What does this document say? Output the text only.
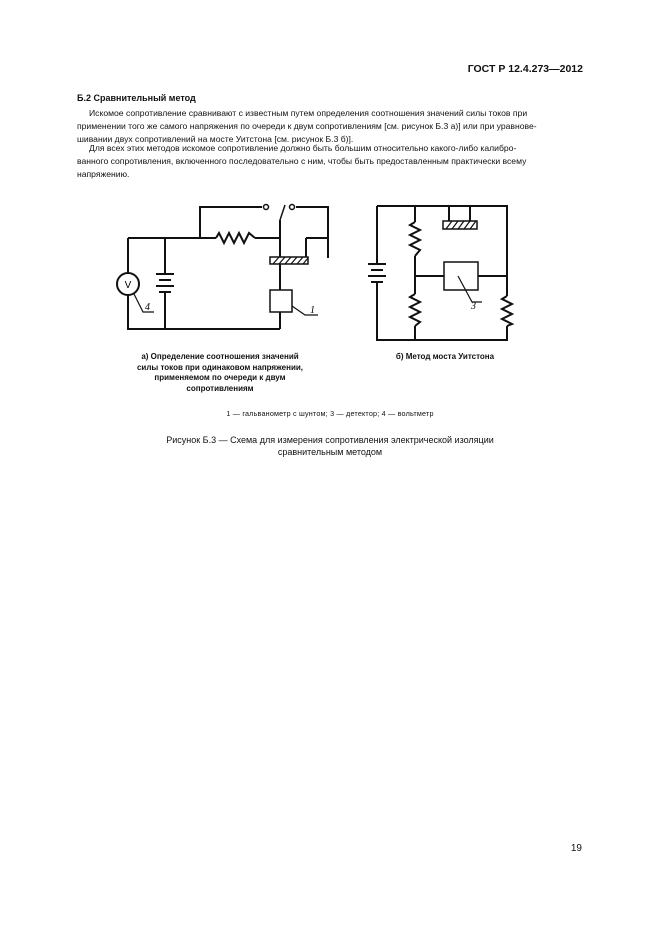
ГОСТ Р 12.4.273—2012
Б.2 Сравнительный метод
Искомое сопротивление сравнивают с известным путем определения соотношения значений силы токов при
применении того же самого напряжения по очереди к двум сопротивлениям [см. рисунок Б.3 а)] или при уравнове-
шивании двух сопротивлений на мосте Уитстона [см. рисунок Б.3 б)].
Для всех этих методов искомое сопротивление должно быть большим относительно какого-либо калибро-
ванного сопротивления, включенного последовательно с ним, чтобы быть предоставленным практически всему
напряжению.
V
1
4	3
а) Определение соотношения значений
силы токов при одинаковом напряжении,
применяемом по очереди к двум
сопротивлениям
б) Метод моста Уитстона
1 — гальванометр с шунтом; 3 — детектор; 4 — вольтметр
Рисунок Б.3 — Схема для измерения сопротивления электрической изоляции
сравнительным методом
19
